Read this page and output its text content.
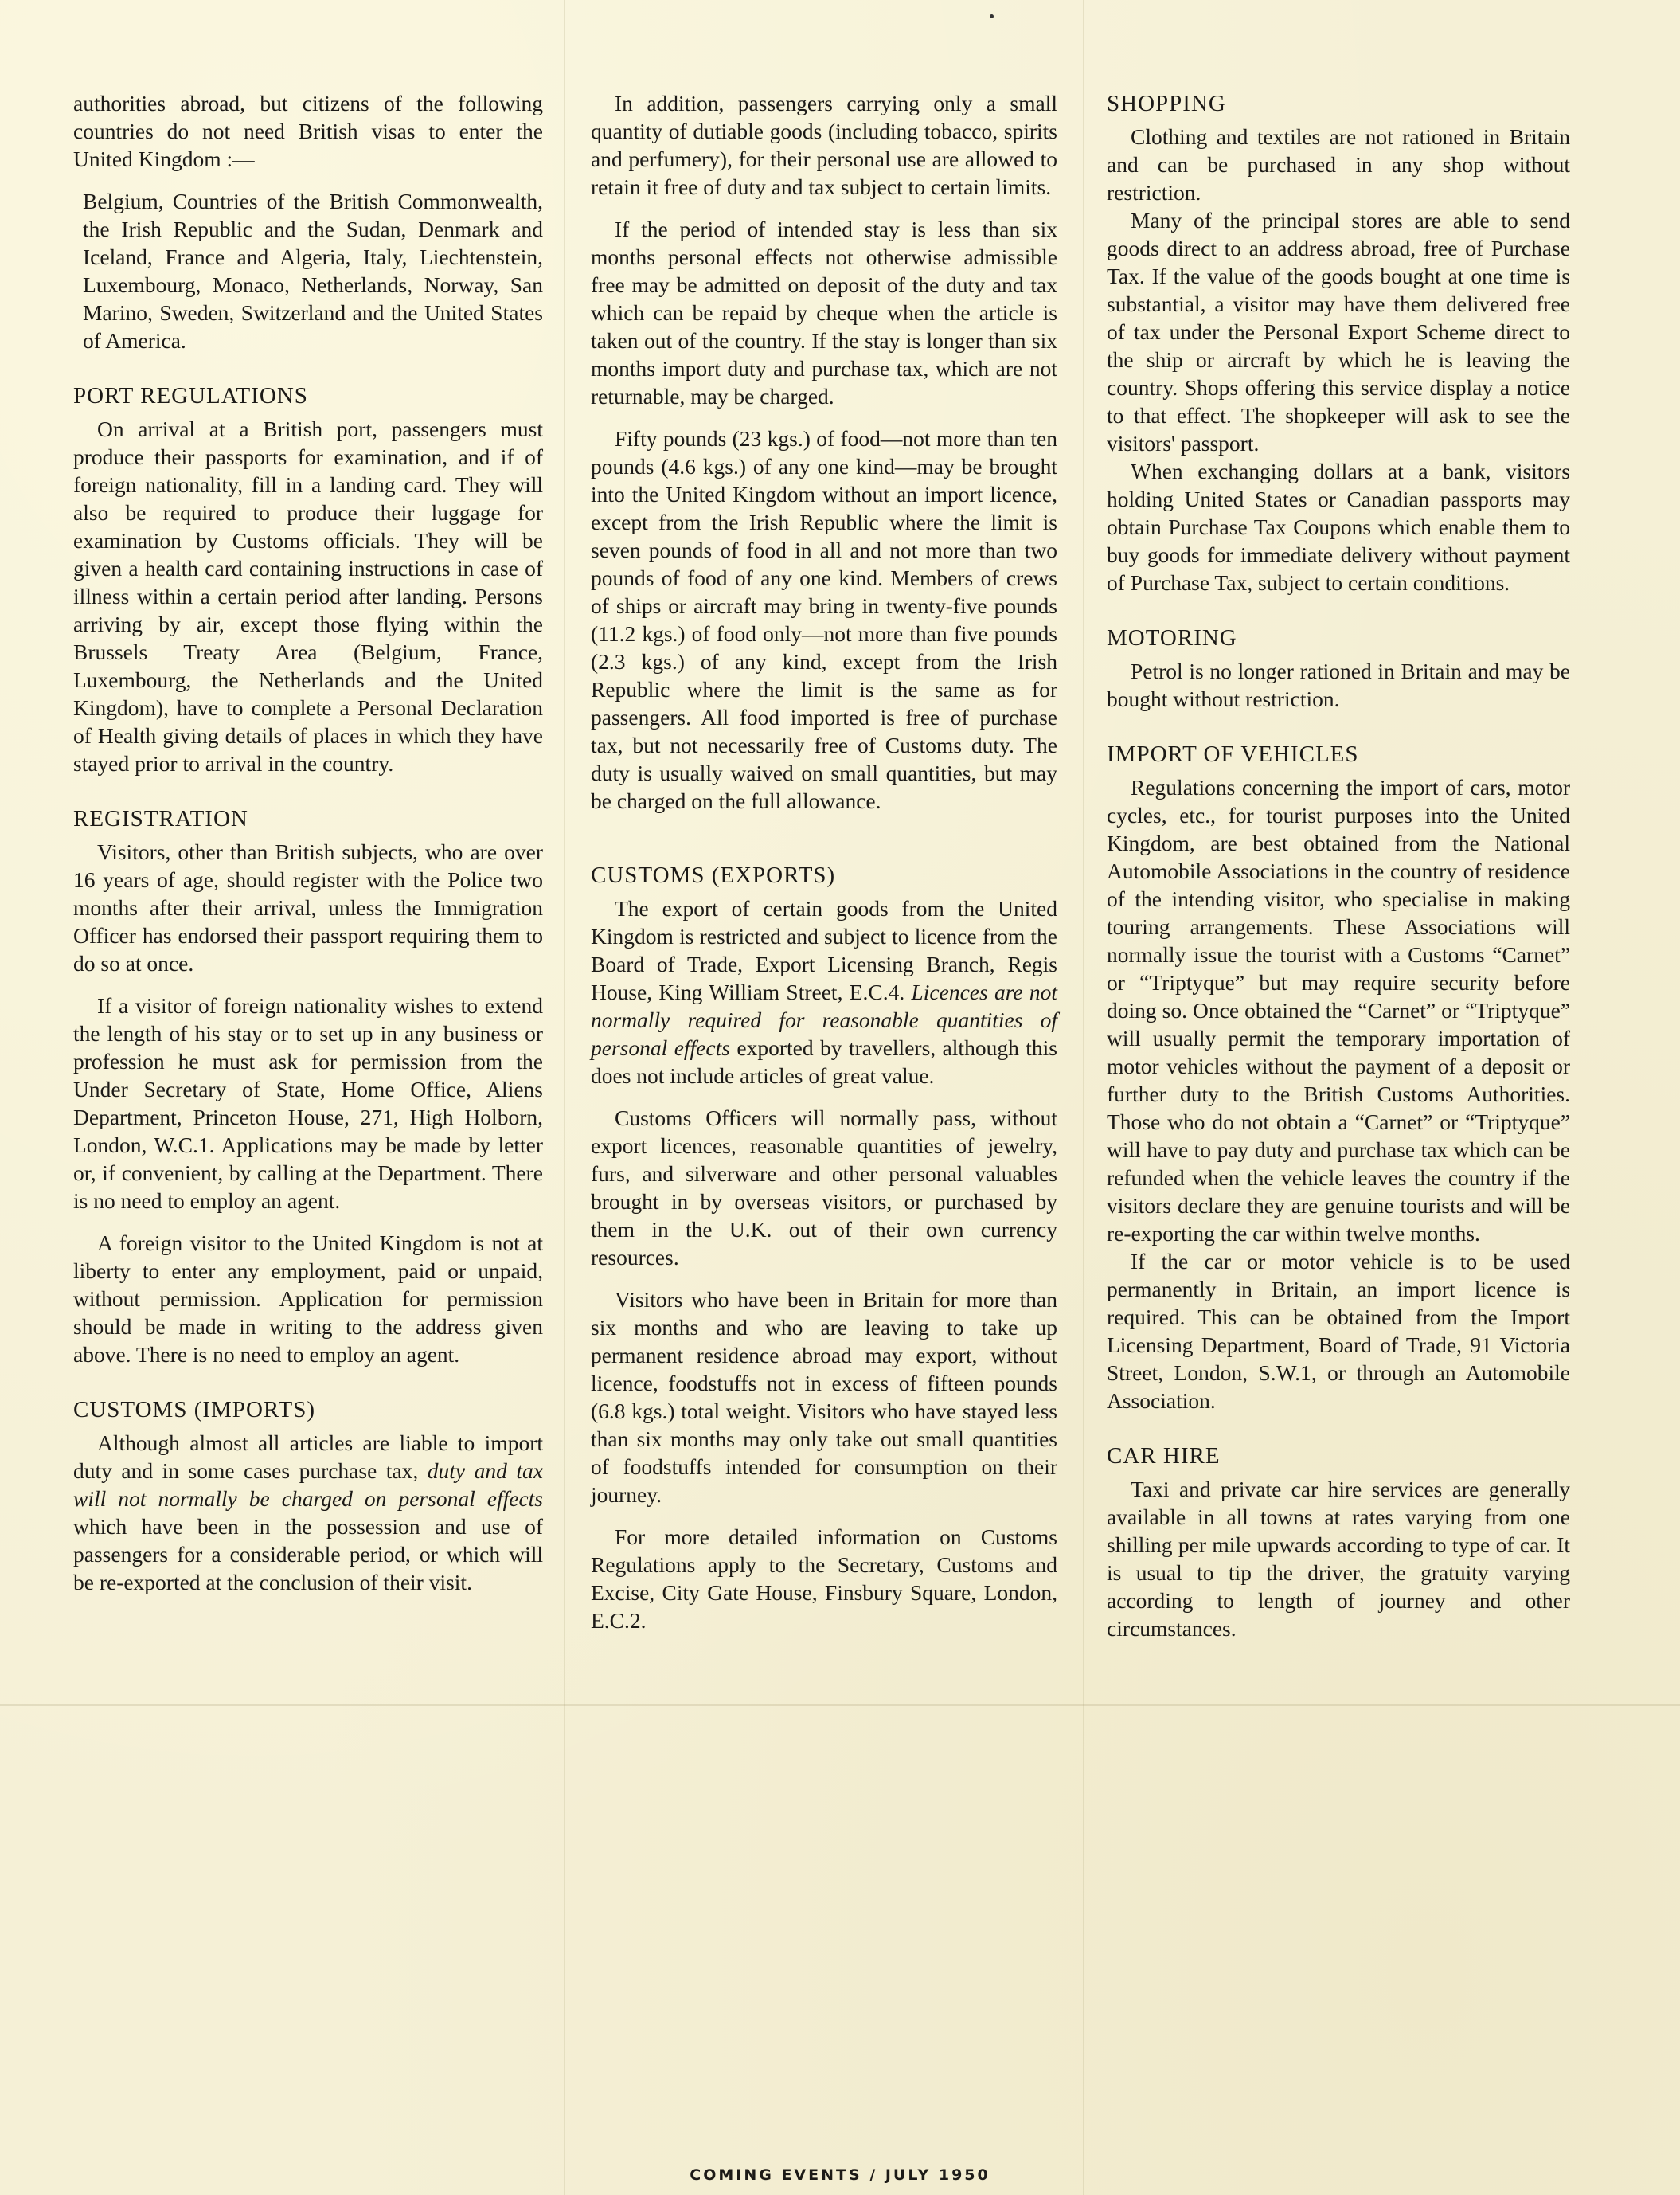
authorities abroad, but citizens of the following countries do not need British visas to enter the United Kingdom :—

Belgium, Countries of the British Commonwealth, the Irish Republic and the Sudan, Denmark and Iceland, France and Algeria, Italy, Liechtenstein, Luxembourg, Monaco, Netherlands, Norway, San Marino, Sweden, Switzerland and the United States of America.

PORT REGULATIONS

On arrival at a British port, passengers must produce their passports for examination, and if of foreign nationality, fill in a landing card. They will also be required to produce their luggage for examination by Customs officials. They will be given a health card containing instructions in case of illness within a certain period after landing. Persons arriving by air, except those flying within the Brussels Treaty Area (Belgium, France, Luxembourg, the Netherlands and the United Kingdom), have to complete a Personal Declaration of Health giving details of places in which they have stayed prior to arrival in the country.

REGISTRATION

Visitors, other than British subjects, who are over 16 years of age, should register with the Police two months after their arrival, unless the Immigration Officer has endorsed their passport requiring them to do so at once.

If a visitor of foreign nationality wishes to extend the length of his stay or to set up in any business or profession he must ask for permission from the Under Secretary of State, Home Office, Aliens Department, Princeton House, 271, High Holborn, London, W.C.1. Applications may be made by letter or, if convenient, by calling at the Department. There is no need to employ an agent.

A foreign visitor to the United Kingdom is not at liberty to enter any employment, paid or unpaid, without permission. Application for permission should be made in writing to the address given above. There is no need to employ an agent.

CUSTOMS (IMPORTS)

Although almost all articles are liable to import duty and in some cases purchase tax, duty and tax will not normally be charged on personal effects which have been in the possession and use of passengers for a considerable period, or which will be re-exported at the conclusion of their visit.

In addition, passengers carrying only a small quantity of dutiable goods (including tobacco, spirits and perfumery), for their personal use are allowed to retain it free of duty and tax subject to certain limits.

If the period of intended stay is less than six months personal effects not otherwise admissible free may be admitted on deposit of the duty and tax which can be repaid by cheque when the article is taken out of the country. If the stay is longer than six months import duty and purchase tax, which are not returnable, may be charged.

Fifty pounds (23 kgs.) of food—not more than ten pounds (4.6 kgs.) of any one kind—may be brought into the United Kingdom without an import licence, except from the Irish Republic where the limit is seven pounds of food in all and not more than two pounds of food of any one kind. Members of crews of ships or aircraft may bring in twenty-five pounds (11.2 kgs.) of food only—not more than five pounds (2.3 kgs.) of any kind, except from the Irish Republic where the limit is the same as for passengers. All food imported is free of purchase tax, but not necessarily free of Customs duty. The duty is usually waived on small quantities, but may be charged on the full allowance.

CUSTOMS (EXPORTS)

The export of certain goods from the United Kingdom is restricted and subject to licence from the Board of Trade, Export Licensing Branch, Regis House, King William Street, E.C.4. Licences are not normally required for reasonable quantities of personal effects exported by travellers, although this does not include articles of great value.

Customs Officers will normally pass, without export licences, reasonable quantities of jewelry, furs, and silverware and other personal valuables brought in by overseas visitors, or purchased by them in the U.K. out of their own currency resources.

Visitors who have been in Britain for more than six months and who are leaving to take up permanent residence abroad may export, without licence, foodstuffs not in excess of fifteen pounds (6.8 kgs.) total weight. Visitors who have stayed less than six months may only take out small quantities of foodstuffs intended for consumption on their journey.

For more detailed information on Customs Regulations apply to the Secretary, Customs and Excise, City Gate House, Finsbury Square, London, E.C.2.

SHOPPING

Clothing and textiles are not rationed in Britain and can be purchased in any shop without restriction.

Many of the principal stores are able to send goods direct to an address abroad, free of Purchase Tax. If the value of the goods bought at one time is substantial, a visitor may have them delivered free of tax under the Personal Export Scheme direct to the ship or aircraft by which he is leaving the country. Shops offering this service display a notice to that effect. The shopkeeper will ask to see the visitors' passport.

When exchanging dollars at a bank, visitors holding United States or Canadian passports may obtain Purchase Tax Coupons which enable them to buy goods for immediate delivery without payment of Purchase Tax, subject to certain conditions.

MOTORING

Petrol is no longer rationed in Britain and may be bought without restriction.

IMPORT OF VEHICLES

Regulations concerning the import of cars, motor cycles, etc., for tourist purposes into the United Kingdom, are best obtained from the National Automobile Associations in the country of residence of the intending visitor, who specialise in making touring arrangements. These Associations will normally issue the tourist with a Customs “Carnet” or “Triptyque” but may require security before doing so. Once obtained the “Carnet” or “Triptyque” will usually permit the temporary importation of motor vehicles without the payment of a deposit or further duty to the British Customs Authorities. Those who do not obtain a “Carnet” or “Triptyque” will have to pay duty and purchase tax which can be refunded when the vehicle leaves the country if the visitors declare they are genuine tourists and will be re-exporting the car within twelve months.

If the car or motor vehicle is to be used permanently in Britain, an import licence is required. This can be obtained from the Import Licensing Department, Board of Trade, 91 Victoria Street, London, S.W.1, or through an Automobile Association.

CAR HIRE

Taxi and private car hire services are generally available in all towns at rates varying from one shilling per mile upwards according to type of car. It is usual to tip the driver, the gratuity varying according to length of journey and other circumstances.

COMING EVENTS / JULY 1950
